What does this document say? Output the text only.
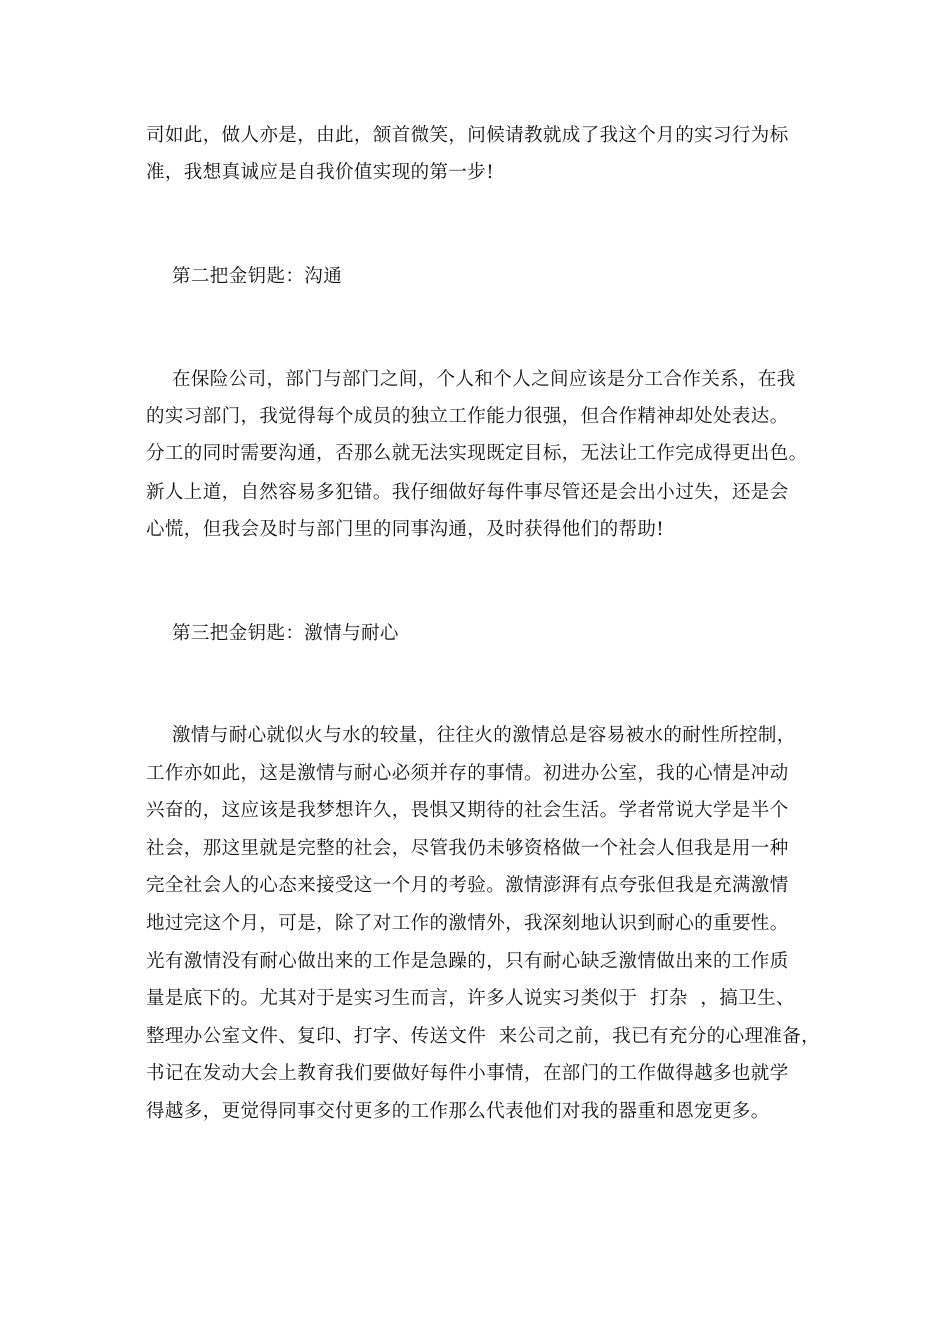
司如此，做人亦是，由此，颔首微笑，问候请教就成了我这个月的实习行为标
准，我想真诚应是自我价值实现的第一步!
第二把金钥匙：沟通
在保险公司，部门与部门之间，个人和个人之间应该是分工合作关系，在我
的实习部门，我觉得每个成员的独立工作能力很强，但合作精神却处处表达。
分工的同时需要沟通，否那么就无法实现既定目标，无法让工作完成得更出色。
新人上道，自然容易多犯错。我仔细做好每件事尽管还是会出小过失，还是会
心慌，但我会及时与部门里的同事沟通，及时获得他们的帮助!
第三把金钥匙：激情与耐心
激情与耐心就似火与水的较量，往往火的激情总是容易被水的耐性所控制，
工作亦如此，这是激情与耐心必须并存的事情。初进办公室，我的心情是冲动
兴奋的，这应该是我梦想许久，畏惧又期待的社会生活。学者常说大学是半个
社会，那这里就是完整的社会，尽管我仍未够资格做一个社会人但我是用一种
完全社会人的心态来接受这一个月的考验。激情澎湃有点夸张但我是充满激情
地过完这个月，可是，除了对工作的激情外，我深刻地认识到耐心的重要性。
光有激情没有耐心做出来的工作是急躁的，只有耐心缺乏激情做出来的工作质
量是底下的。尤其对于是实习生而言，许多人说实习类似于  打杂  ，搞卫生、
整理办公室文件、复印、打字、传送文件  来公司之前，我已有充分的心理准备，
书记在发动大会上教育我们要做好每件小事情，在部门的工作做得越多也就学
得越多，更觉得同事交付更多的工作那么代表他们对我的器重和恩宠更多。
